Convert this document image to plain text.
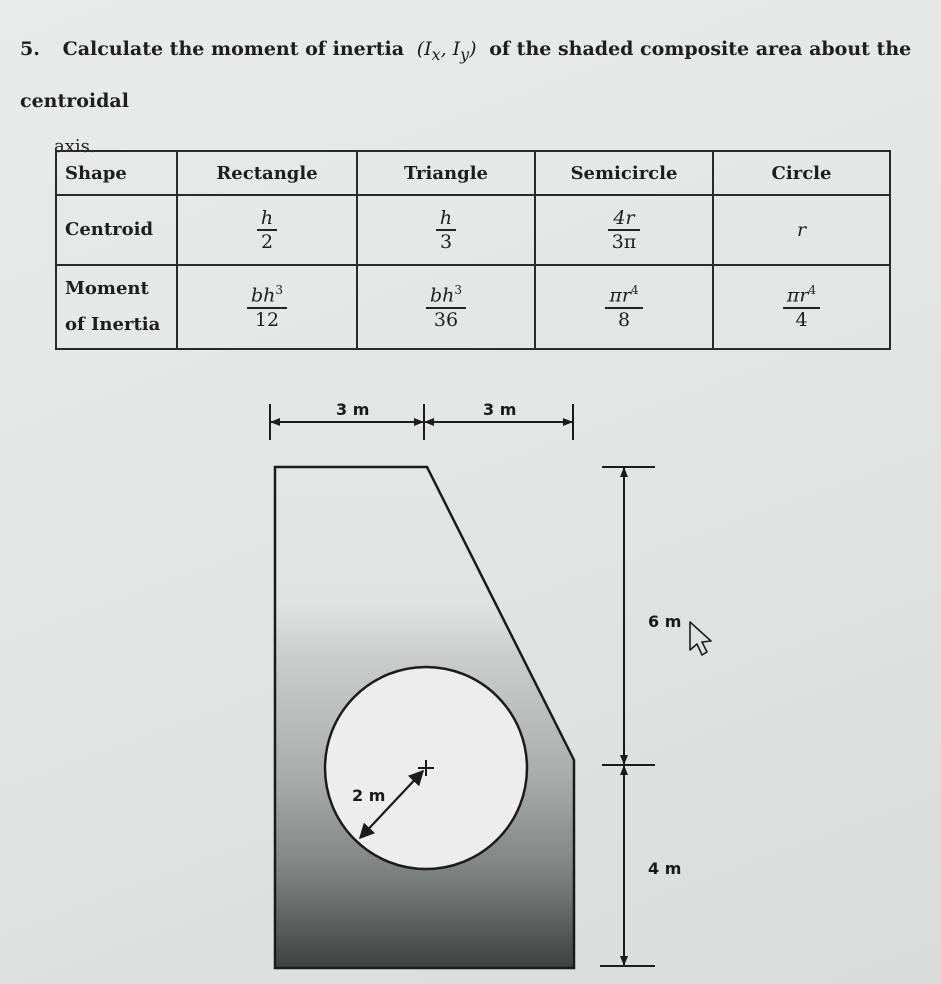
5. Calculate the moment of inertia  ($I_x$, $I_y$)  of the shaded composite area about the centroidal
axis.
Shape	Rectangle	Triangle	Semicircle	Circle
Centroid	$\frac{h}{2}$	$\frac{h}{3}$	$\frac{4r}{3\pi}$	r
Moment
of Inertia	$\frac{bh^3}{12}$	$\frac{bh^3}{36}$	$\frac{\pi r^4}{8}$	$\frac{\pi r^4}{4}$
2 m
3 m	3 m
6 m
4 m
